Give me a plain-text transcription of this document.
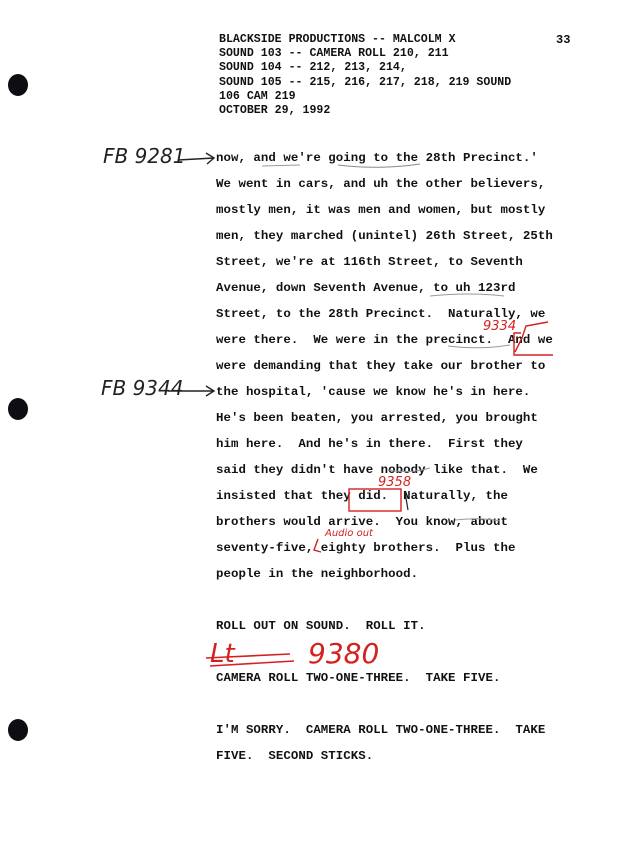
BLACKSIDE PRODUCTIONS -- MALCOLM X
SOUND 103 -- CAMERA ROLL 210, 211
SOUND 104 -- 212, 213, 214,
SOUND 105 -- 215, 216, 217, 218, 219 SOUND
106 CAM 219
OCTOBER 29, 1992
33
now, and we're going to the 28th Precinct.'
We went in cars, and uh the other believers,
mostly men, it was men and women, but mostly
men, they marched (unintel) 26th Street, 25th
Street, we're at 116th Street, to Seventh
Avenue, down Seventh Avenue, to uh 123rd
Street, to the 28th Precinct.  Naturally, we
were there.  We were in the precinct.  And we
were demanding that they take our brother to
the hospital, 'cause we know he's in here.
He's been beaten, you arrested, you brought
him here.  And he's in there.  First they
said they didn't have nobody like that.  We
insisted that they did.  Naturally, the
brothers would arrive.  You know, about
seventy-five, eighty brothers.  Plus the
people in the neighborhood.
ROLL OUT ON SOUND.  ROLL IT.
CAMERA ROLL TWO-ONE-THREE.  TAKE FIVE.
I'M SORRY.  CAMERA ROLL TWO-ONE-THREE.  TAKE
FIVE.  SECOND STICKS.
FB 9281
FB 9344
9334
9358
Audio out
Lt	9380
